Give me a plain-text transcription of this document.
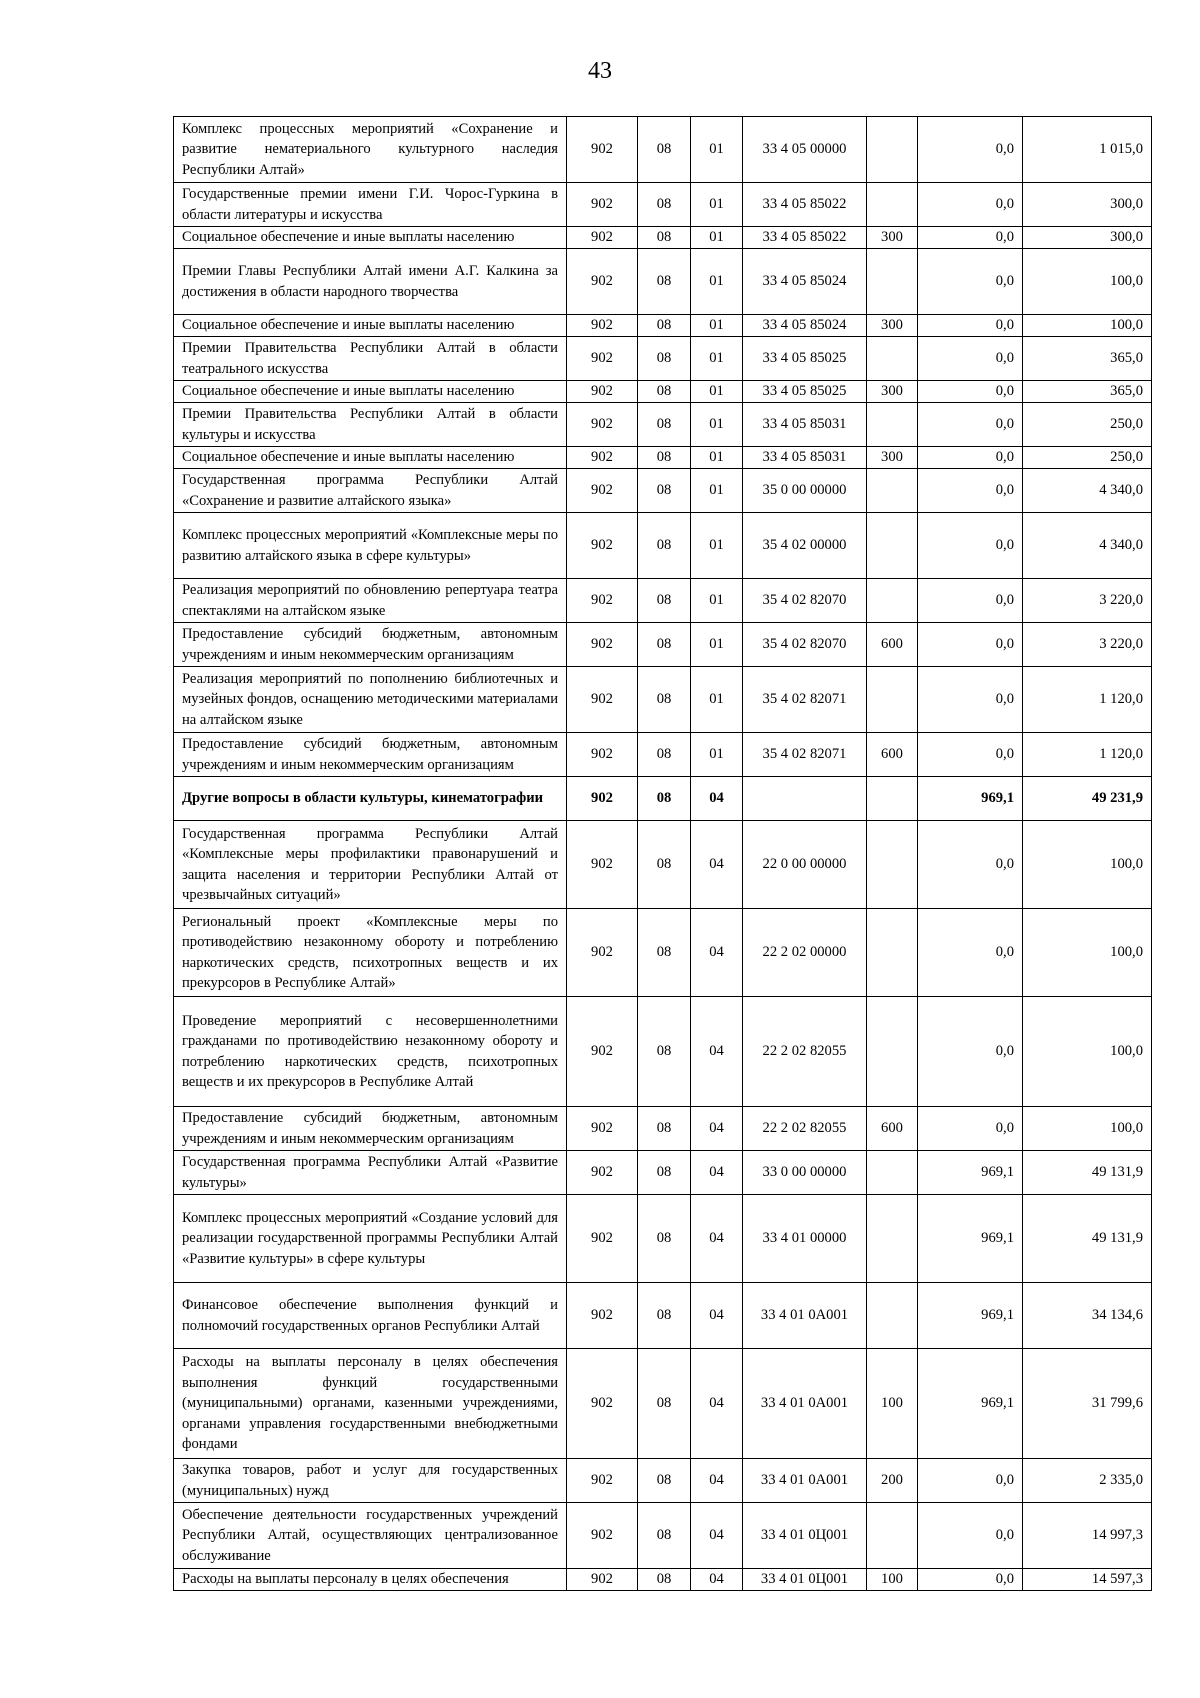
43
Комплекс процессных мероприятий «Сохранение и развитие нематериального культурного наследия Республики Алтай»	902	08	01	33 4 05 00000		0,0	1 015,0
Государственные премии имени Г.И. Чорос-Гуркина в области литературы и искусства	902	08	01	33 4 05 85022		0,0	300,0
Социальное обеспечение и иные выплаты населению	902	08	01	33 4 05 85022	300	0,0	300,0
Премии Главы Республики Алтай имени А.Г. Калкина за достижения в области народного творчества	902	08	01	33 4 05 85024		0,0	100,0
Социальное обеспечение и иные выплаты населению	902	08	01	33 4 05 85024	300	0,0	100,0
Премии Правительства Республики Алтай в области театрального искусства	902	08	01	33 4 05 85025		0,0	365,0
Социальное обеспечение и иные выплаты населению	902	08	01	33 4 05 85025	300	0,0	365,0
Премии Правительства Республики Алтай в области культуры и искусства	902	08	01	33 4 05 85031		0,0	250,0
Социальное обеспечение и иные выплаты населению	902	08	01	33 4 05 85031	300	0,0	250,0
Государственная программа Республики Алтай «Сохранение и развитие алтайского языка»	902	08	01	35 0 00 00000		0,0	4 340,0
Комплекс процессных мероприятий «Комплексные меры по развитию алтайского языка в сфере культуры»	902	08	01	35 4 02 00000		0,0	4 340,0
Реализация мероприятий по обновлению репертуара театра спектаклями на алтайском языке	902	08	01	35 4 02 82070		0,0	3 220,0
Предоставление субсидий бюджетным, автономным учреждениям и иным некоммерческим организациям	902	08	01	35 4 02 82070	600	0,0	3 220,0
Реализация мероприятий по пополнению библиотечных и музейных фондов, оснащению методическими материалами на алтайском языке	902	08	01	35 4 02 82071		0,0	1 120,0
Предоставление субсидий бюджетным, автономным учреждениям и иным некоммерческим организациям	902	08	01	35 4 02 82071	600	0,0	1 120,0
Другие вопросы в области культуры, кинематографии	902	08	04			969,1	49 231,9
Государственная программа Республики Алтай «Комплексные меры профилактики правонарушений и защита населения и территории Республики Алтай от чрезвычайных ситуаций»	902	08	04	22 0 00 00000		0,0	100,0
Региональный проект «Комплексные меры по противодействию незаконному обороту и потреблению наркотических средств, психотропных веществ и их прекурсоров в Республике Алтай»	902	08	04	22 2 02 00000		0,0	100,0
Проведение мероприятий с несовершеннолетними гражданами по противодействию незаконному обороту и потреблению наркотических средств, психотропных веществ и их прекурсоров в Республике Алтай	902	08	04	22 2 02 82055		0,0	100,0
Предоставление субсидий бюджетным, автономным учреждениям и иным некоммерческим организациям	902	08	04	22 2 02 82055	600	0,0	100,0
Государственная программа Республики Алтай «Развитие культуры»	902	08	04	33 0 00 00000		969,1	49 131,9
Комплекс процессных мероприятий «Создание условий для реализации государственной программы Республики Алтай «Развитие культуры» в сфере культуры	902	08	04	33 4 01 00000		969,1	49 131,9
Финансовое обеспечение выполнения функций и полномочий государственных органов Республики Алтай	902	08	04	33 4 01 0А001		969,1	34 134,6
Расходы на выплаты персоналу в целях обеспечения выполнения функций государственными (муниципальными) органами, казенными учреждениями, органами управления государственными внебюджетными фондами	902	08	04	33 4 01 0А001	100	969,1	31 799,6
Закупка товаров, работ и услуг для государственных (муниципальных) нужд	902	08	04	33 4 01 0А001	200	0,0	2 335,0
Обеспечение деятельности государственных учреждений Республики Алтай, осуществляющих централизованное обслуживание	902	08	04	33 4 01 0Ц001		0,0	14 997,3
Расходы на выплаты персоналу в целях обеспечения	902	08	04	33 4 01 0Ц001	100	0,0	14 597,3
